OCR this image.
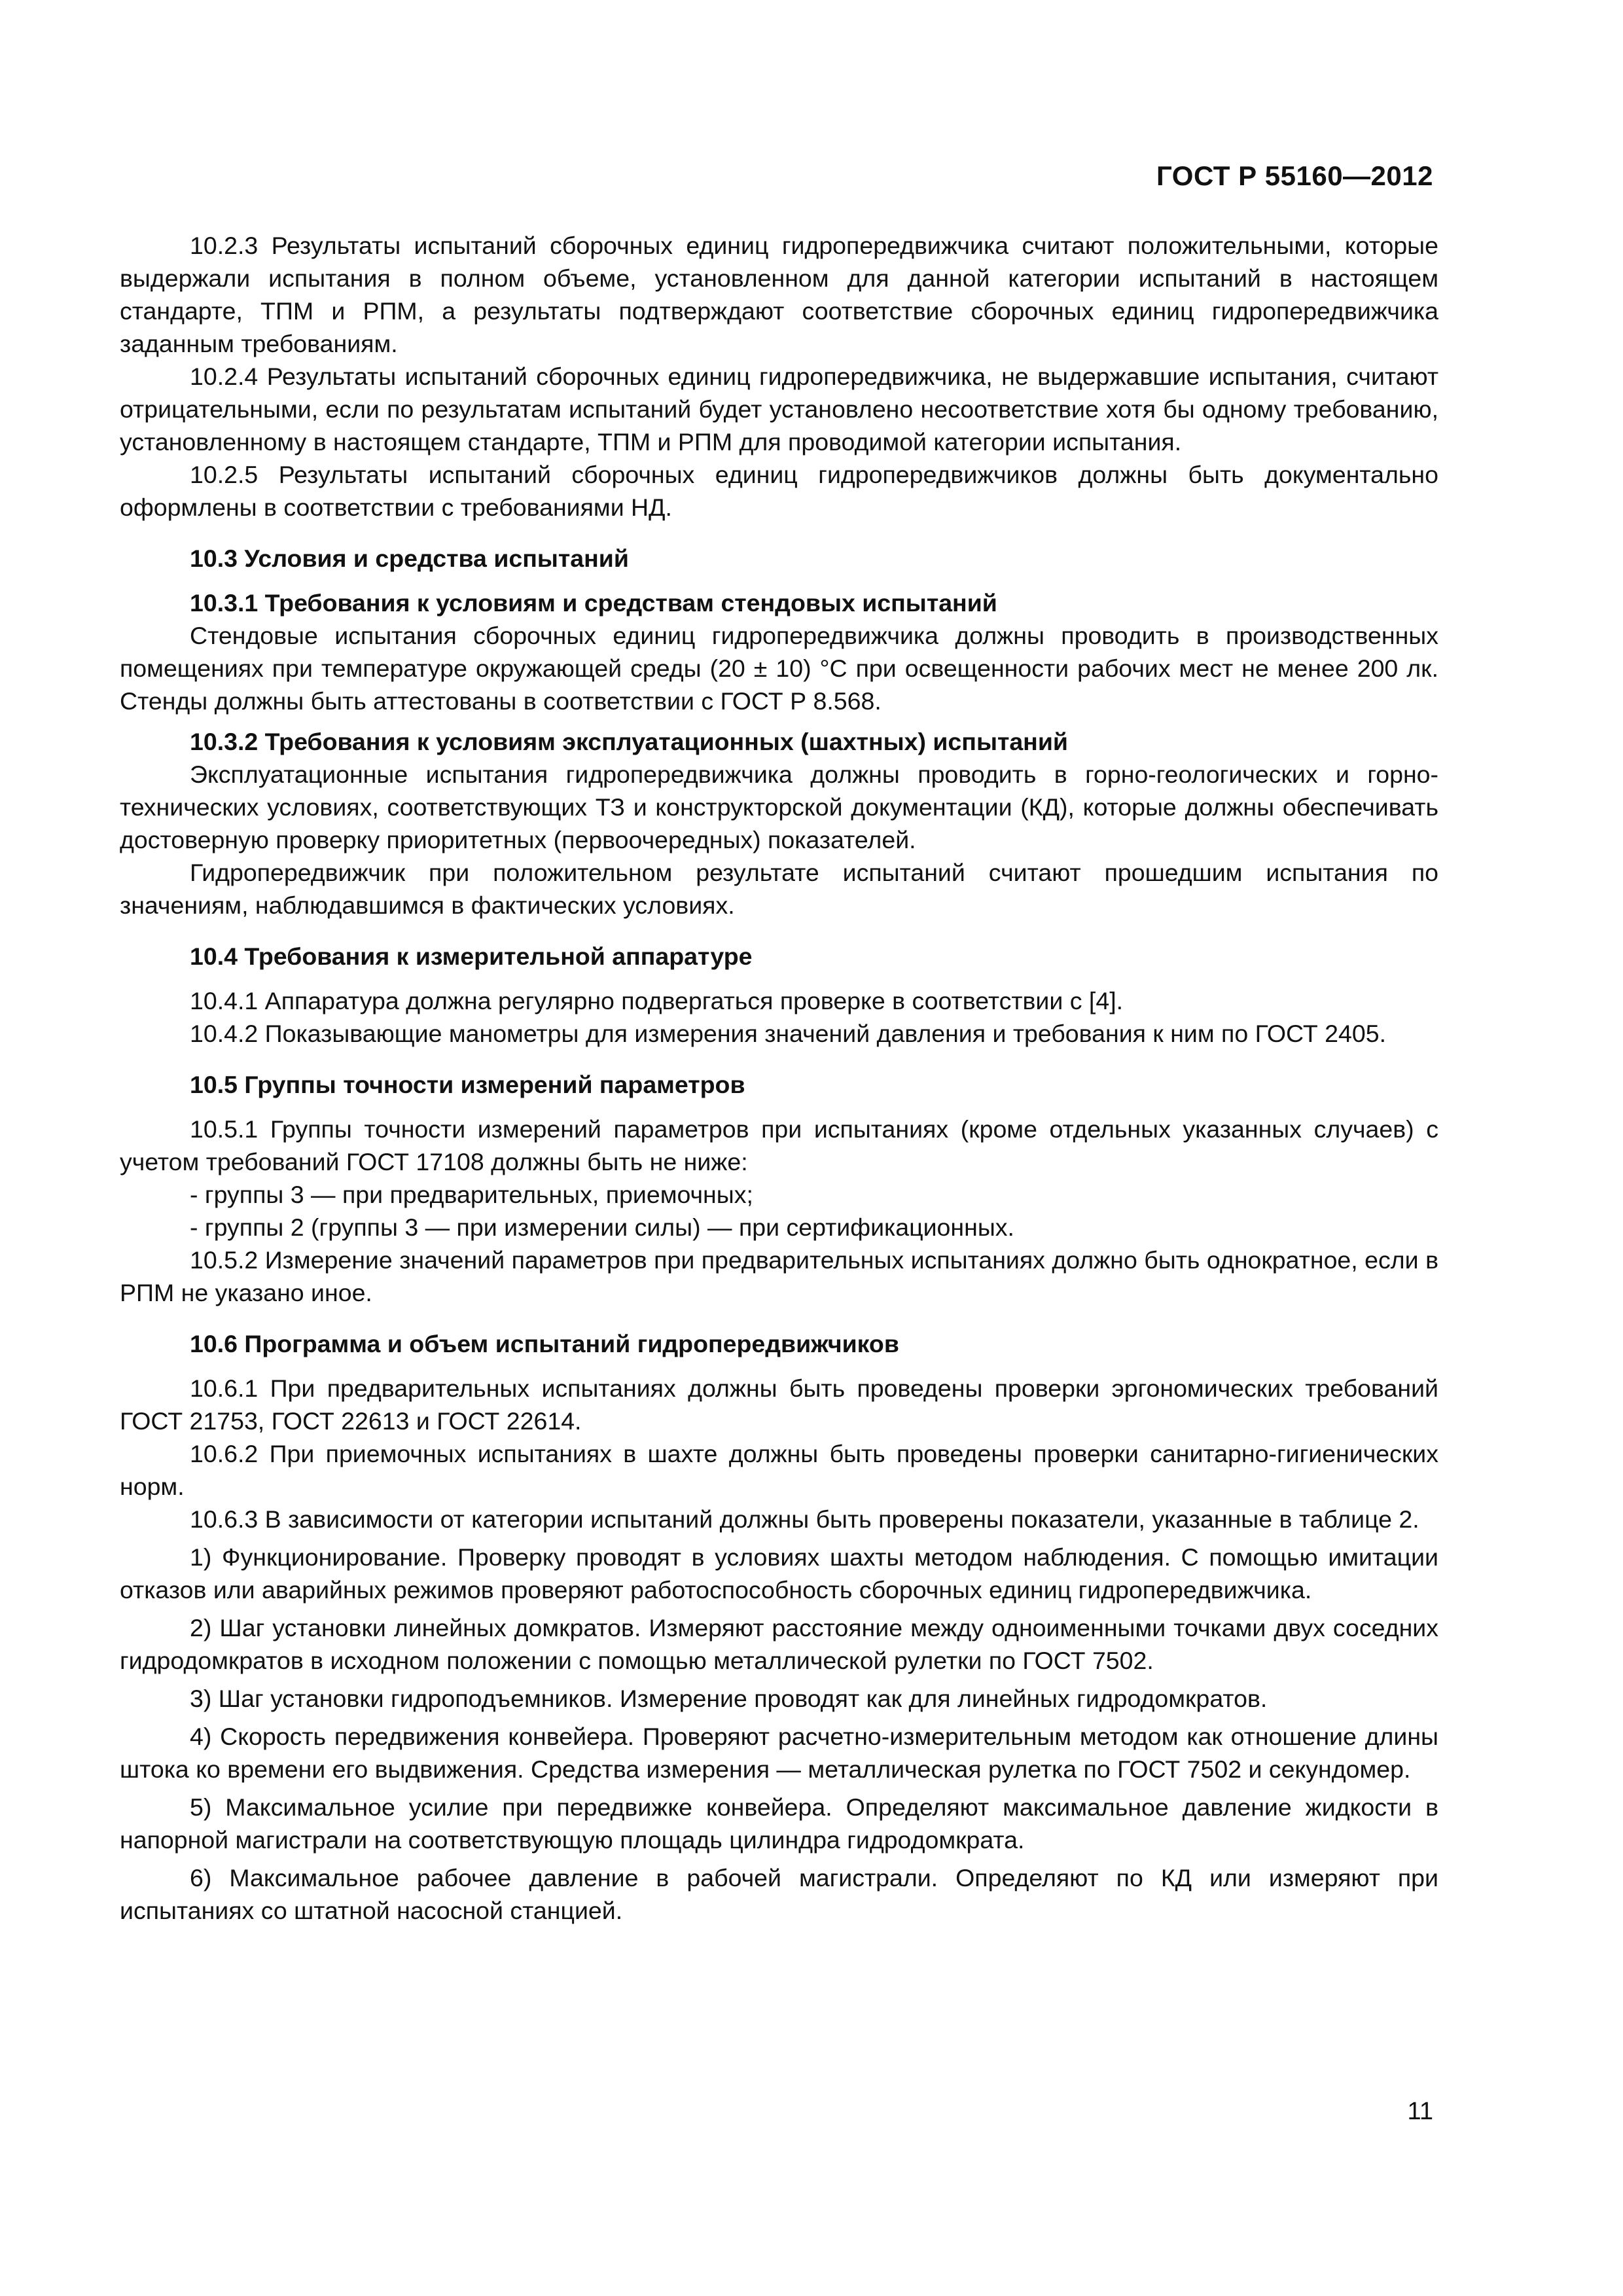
ГОСТ Р 55160—2012

10.2.3 Результаты испытаний сборочных единиц гидропередвижчика считают положительными, которые выдержали испытания в полном объеме, установленном для данной категории испытаний в настоящем стандарте, ТПМ и РПМ, а результаты подтверждают соответствие сборочных единиц гидропередвижчика заданным требованиям.

10.2.4 Результаты испытаний сборочных единиц гидропередвижчика, не выдержавшие испытания, считают отрицательными, если по результатам испытаний будет установлено несоответствие хотя бы одному требованию, установленному в настоящем стандарте, ТПМ и РПМ для проводимой категории испытания.

10.2.5 Результаты испытаний сборочных единиц гидропередвижчиков должны быть документально оформлены в соответствии с требованиями НД.

10.3 Условия и средства испытаний

10.3.1 Требования к условиям и средствам стендовых испытаний

Стендовые испытания сборочных единиц гидропередвижчика должны проводить в производственных помещениях при температуре окружающей среды (20 ± 10) °С при освещенности рабочих мест не менее 200 лк. Стенды должны быть аттестованы в соответствии с ГОСТ Р 8.568.

10.3.2 Требования к условиям эксплуатационных (шахтных) испытаний

Эксплуатационные испытания гидропередвижчика должны проводить в горно-геологических и горно-технических условиях, соответствующих ТЗ и конструкторской документации (КД), которые должны обеспечивать достоверную проверку приоритетных (первоочередных) показателей.

Гидропередвижчик при положительном результате испытаний считают прошедшим испытания по значениям, наблюдавшимся в фактических условиях.

10.4 Требования к измерительной аппаратуре

10.4.1 Аппаратура должна регулярно подвергаться проверке в соответствии с [4].

10.4.2 Показывающие манометры для измерения значений давления и требования к ним по ГОСТ 2405.

10.5 Группы точности измерений параметров

10.5.1 Группы точности измерений параметров при испытаниях (кроме отдельных указанных случаев) с учетом требований ГОСТ 17108 должны быть не ниже:

- группы 3 — при предварительных, приемочных;

- группы 2 (группы 3 — при измерении силы) — при сертификационных.

10.5.2 Измерение значений параметров при предварительных испытаниях должно быть однократное, если в РПМ не указано иное.

10.6 Программа и объем испытаний гидропередвижчиков

10.6.1 При предварительных испытаниях должны быть проведены проверки эргономических требований ГОСТ 21753, ГОСТ 22613 и ГОСТ 22614.

10.6.2 При приемочных испытаниях в шахте должны быть проведены проверки санитарно-гигиенических норм.

10.6.3 В зависимости от категории испытаний должны быть проверены показатели, указанные в таблице 2.

1) Функционирование. Проверку проводят в условиях шахты методом наблюдения. С помощью имитации отказов или аварийных режимов проверяют работоспособность сборочных единиц гидропередвижчика.

2) Шаг установки линейных домкратов. Измеряют расстояние между одноименными точками двух соседних гидродомкратов в исходном положении с помощью металлической рулетки по ГОСТ 7502.

3) Шаг установки гидроподъемников. Измерение проводят как для линейных гидродомкратов.

4) Скорость передвижения конвейера. Проверяют расчетно-измерительным методом как отношение длины штока ко времени его выдвижения. Средства измерения — металлическая рулетка по ГОСТ 7502 и секундомер.

5) Максимальное усилие при передвижке конвейера. Определяют максимальное давление жидкости в напорной магистрали на соответствующую площадь цилиндра гидродомкрата.

6) Максимальное рабочее давление в рабочей магистрали. Определяют по КД или измеряют при испытаниях со штатной насосной станцией.

11
